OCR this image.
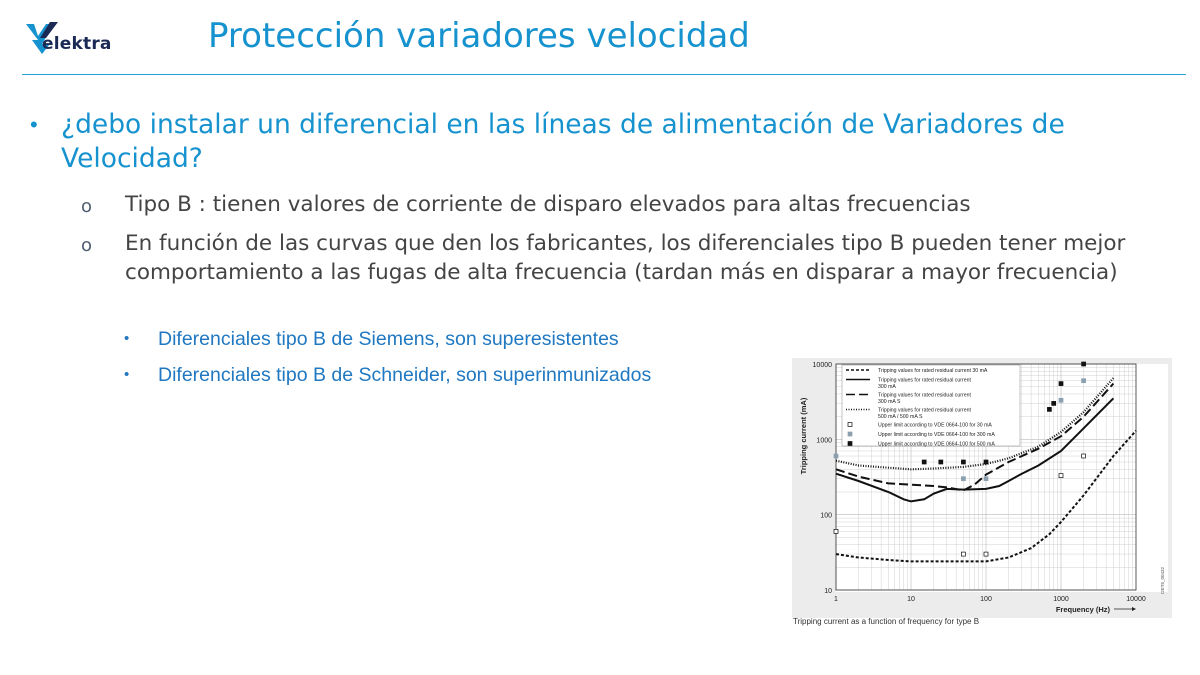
elektra	Protección variadores velocidad
• ¿debo instalar un diferencial en las líneas de alimentación de Variadores de Velocidad?
o Tipo B : tienen valores de corriente de disparo elevados para altas frecuencias
o En función de las curvas que den los fabricantes, los diferenciales tipo B pueden tener mejor comportamiento a las fugas de alta frecuencia (tardan más en disparar a mayor frecuencia)
• Diferenciales tipo B de Siemens, son superesistentes
• Diferenciales tipo B de Schneider, son superinmunizados	Tripping values for rated residual current 30 mA
Tripping values for rated residual current
300 mA
Tripping values for rated residual current
300 mA S
Tripping values for rated residual current
500 mA / 500 mA S
Upper limit according to VDE 0664-100 for 30 mA
Upper limit according to VDE 0664-100 for 300 mA
Upper limit according to VDE 0664-100 for 500 mA
1	10	100	1000	10000
10000
1000
100
10
Frequency (Hz)
Tripping current (mA)
I2ET6_00432
Tripping current as a function of frequency for type B
